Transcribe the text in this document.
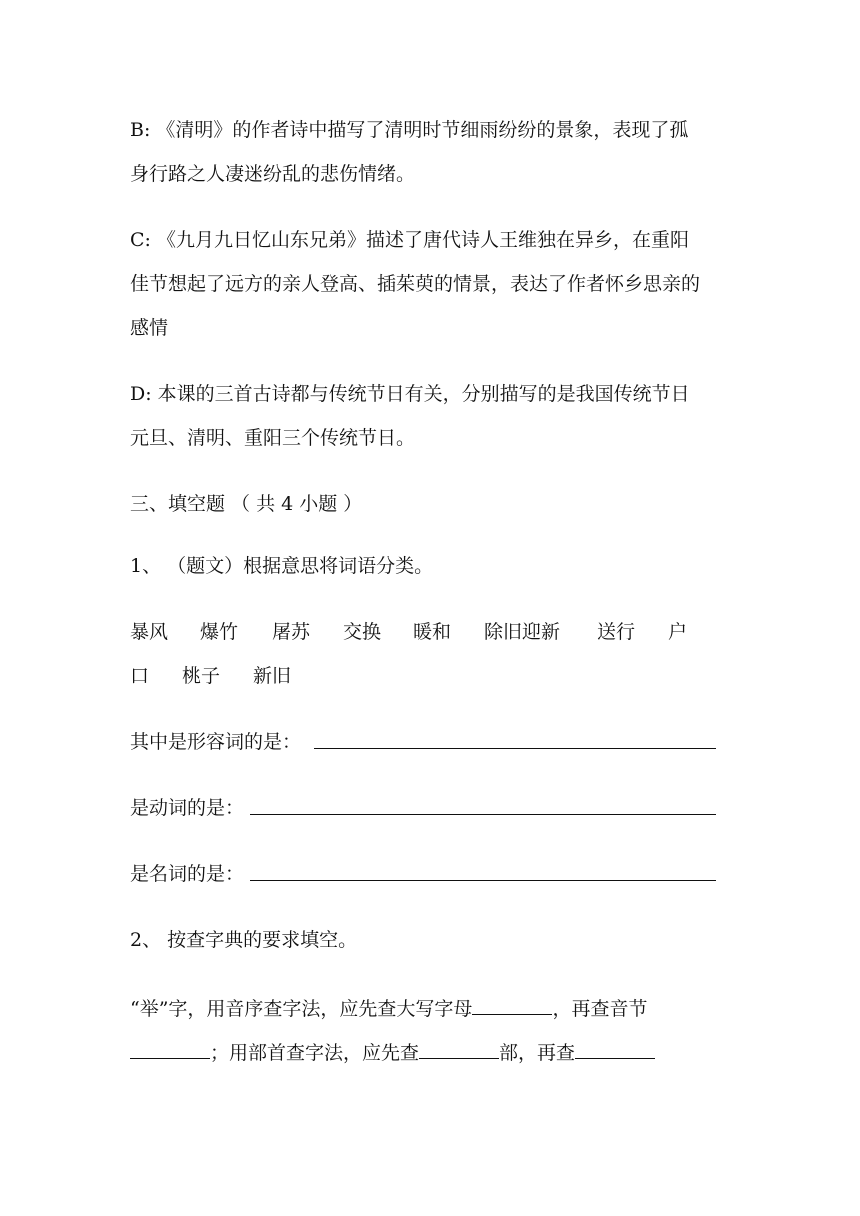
B: 《清明》的作者诗中描写了清明时节细雨纷纷的景象，表现了孤
身行路之人凄迷纷乱的悲伤情绪。
C: 《九月九日忆山东兄弟》描述了唐代诗人王维独在异乡，在重阳
佳节想起了远方的亲人登高、插茱萸的情景，表达了作者怀乡思亲的
感情
D: 本课的三首古诗都与传统节日有关，分别描写的是我国传统节日
元旦、清明、重阳三个传统节日。
三、填空题 （ 共 4 小题 ）
1、 （题文）根据意思将词语分类。
暴风 爆竹 屠苏 交换 暖和 除旧迎新 送行 户
口 桃子 新旧
其中是形容词的是：
是动词的是：
是名词的是：
2、 按查字典的要求填空。
“举”字，用音序查字法，应先查大写字母	，再查音节
；用部首查字法，应先查	部，再查
